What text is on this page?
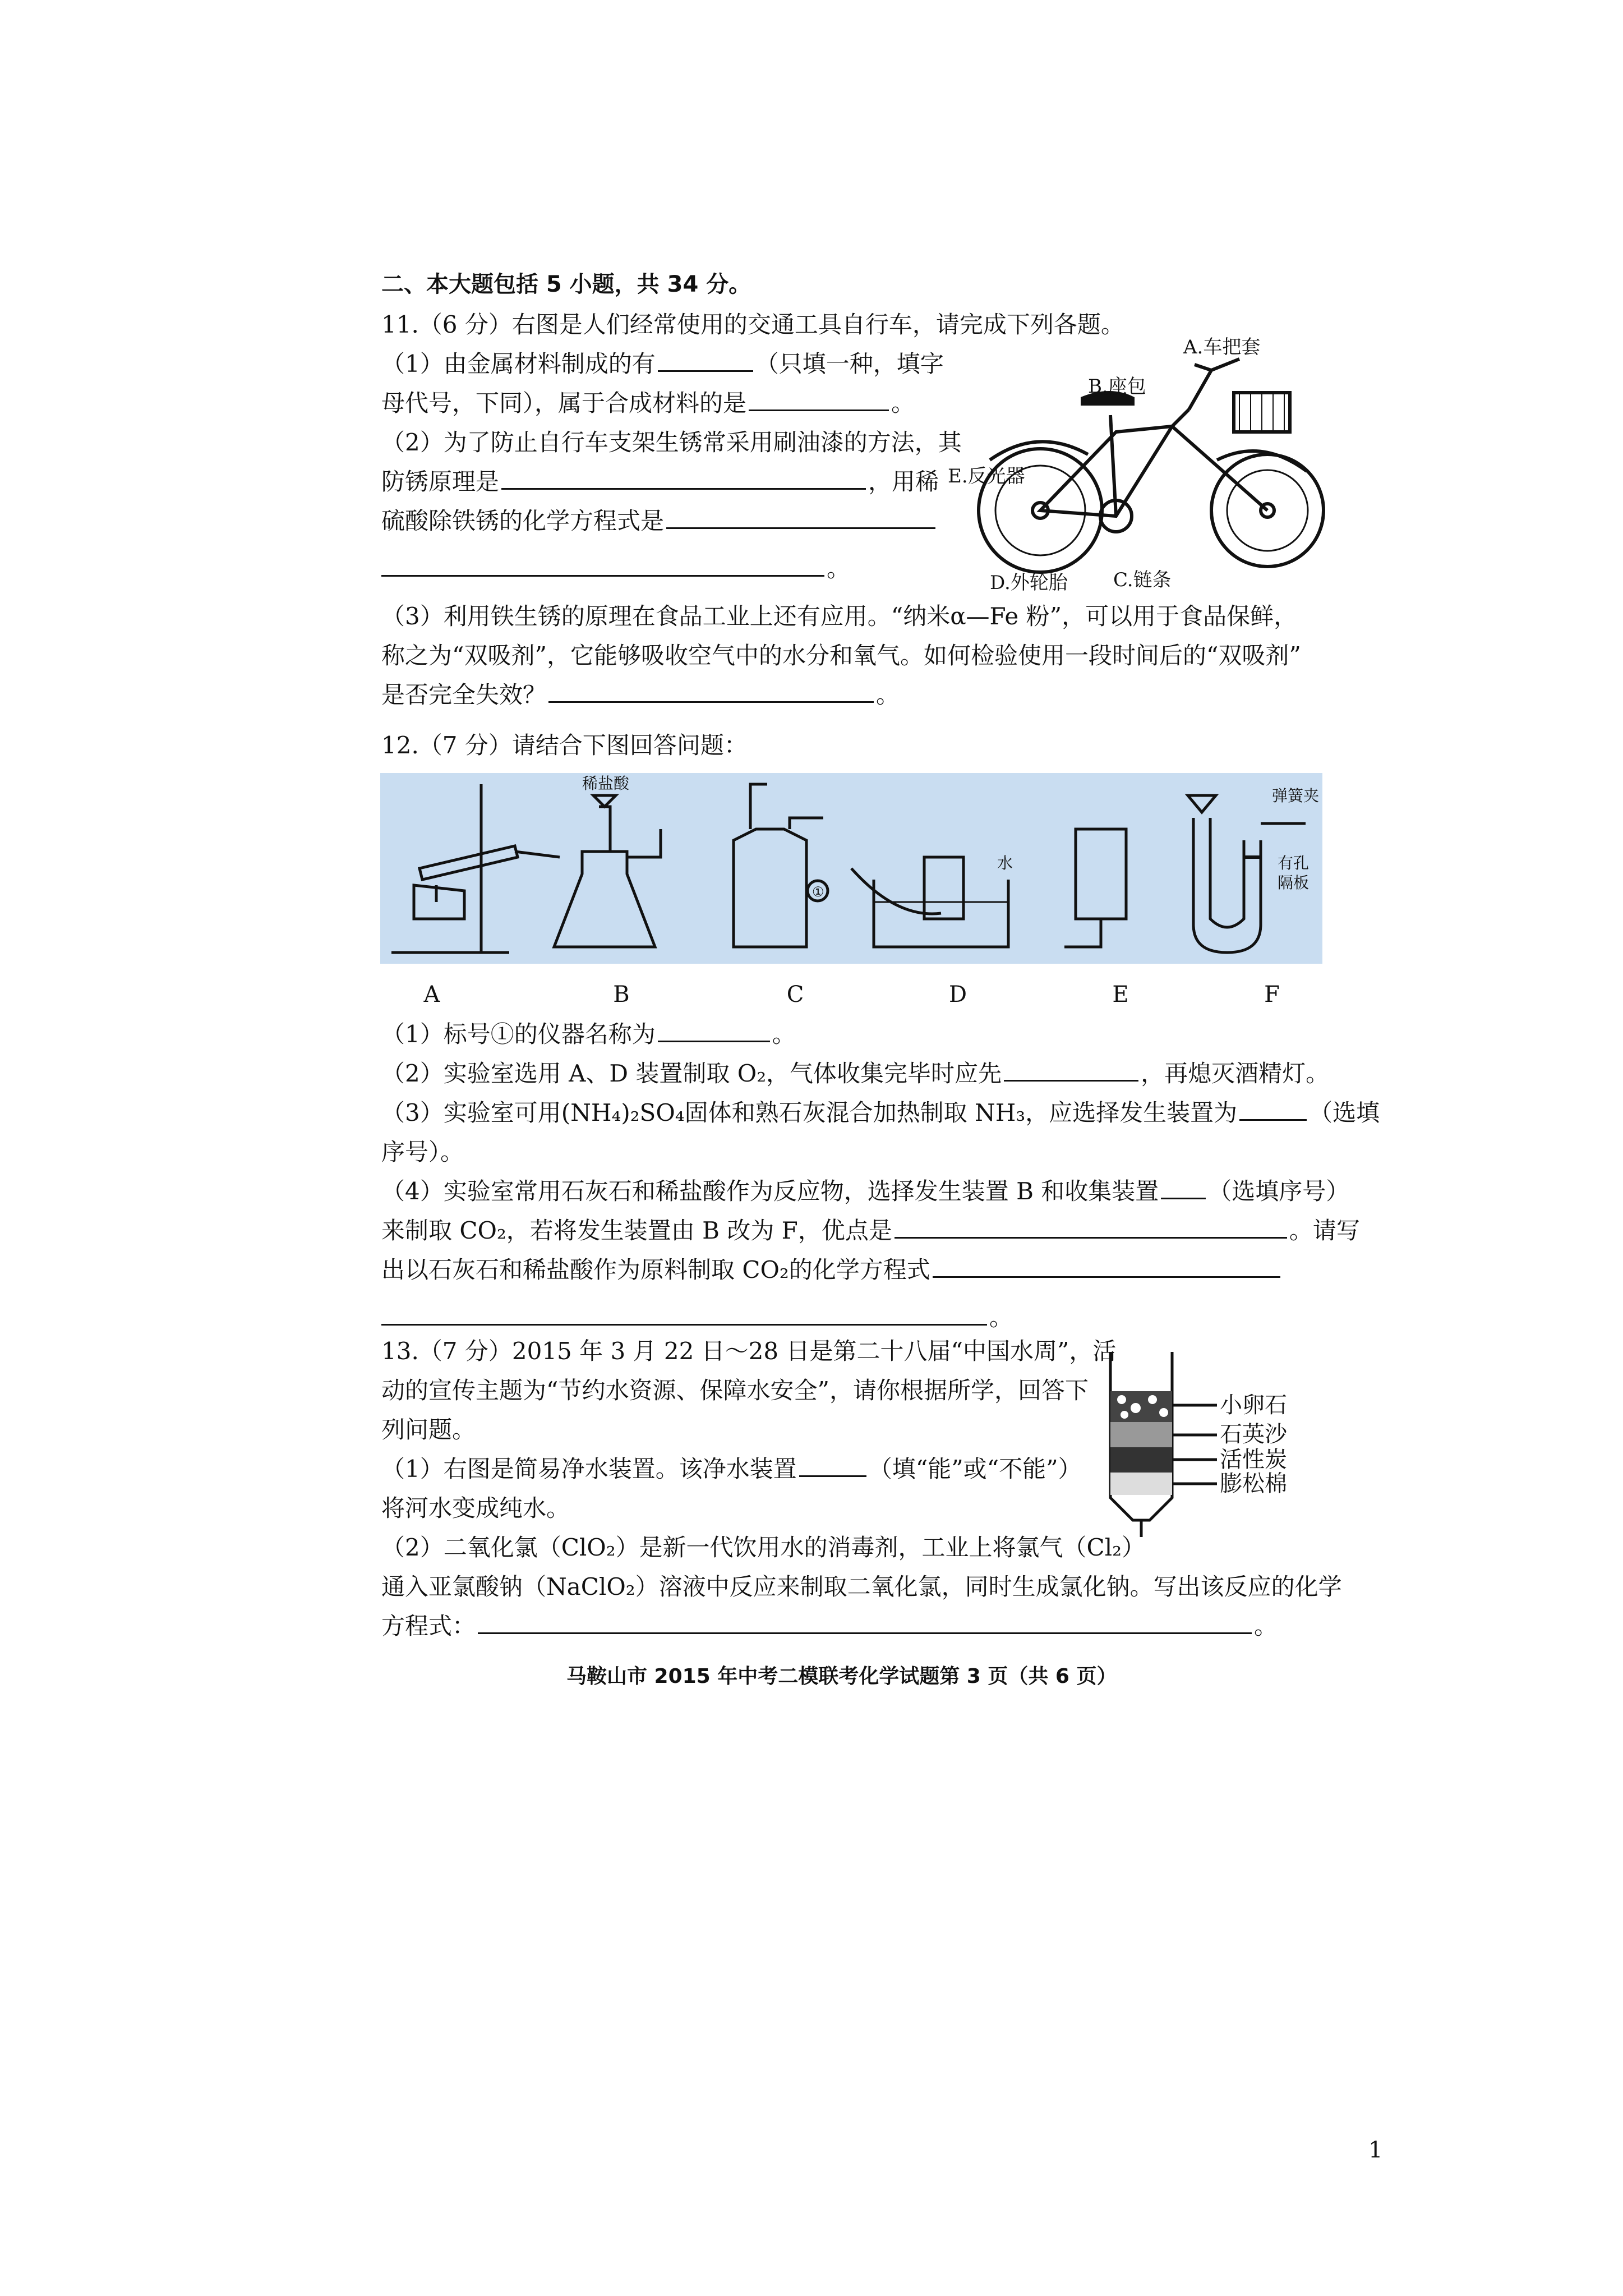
二、本大题包括 5 小题，共 34 分。
11.（6 分）右图是人们经常使用的交通工具自行车，请完成下列各题。
（1）由金属材料制成的有	（只填一种，填字
母代号，下同），属于合成材料的是	。
（2）为了防止自行车支架生锈常采用刷油漆的方法，其
防锈原理是	，用稀
硫酸除铁锈的化学方程式是
。
（3）利用铁生锈的原理在食品工业上还有应用。“纳米α—Fe 粉”，可以用于食品保鲜，
称之为“双吸剂”，它能够吸收空气中的水分和氧气。如何检验使用一段时间后的“双吸剂”
是否完全失效？	。
A.车把套
B.座包
E.反光器
D.外轮胎 C.链条
12.（7 分）请结合下图回答问题：
稀盐酸
水
弹簧夹
有孔
隔板
①
A	B	C	D	E	F
（1）标号①的仪器名称为	。
（2）实验室选用 A、D 装置制取 O₂，气体收集完毕时应先	，再熄灭酒精灯。
（3）实验室可用(NH₄)₂SO₄固体和熟石灰混合加热制取 NH₃，应选择发生装置为	（选填
序号）。
（4）实验室常用石灰石和稀盐酸作为反应物，选择发生装置 B 和收集装置 （选填序号）
来制取 CO₂，若将发生装置由 B 改为 F，优点是	。请写
出以石灰石和稀盐酸作为原料制取 CO₂的化学方程式
。
13.（7 分）2015 年 3 月 22 日～28 日是第二十八届“中国水周”，活
动的宣传主题为“节约水资源、保障水安全”，请你根据所学，回答下
列问题。
（1）右图是简易净水装置。该净水装置	（填“能”或“不能”）
将河水变成纯水。
（2）二氧化氯（ClO₂）是新一代饮用水的消毒剂，工业上将氯气（Cl₂）
通入亚氯酸钠（NaClO₂）溶液中反应来制取二氧化氯，同时生成氯化钠。写出该反应的化学
方程式：	。
小卵石
石英沙
活性炭
膨松棉
马鞍山市 2015 年中考二模联考化学试题第 3 页（共 6 页）
1
